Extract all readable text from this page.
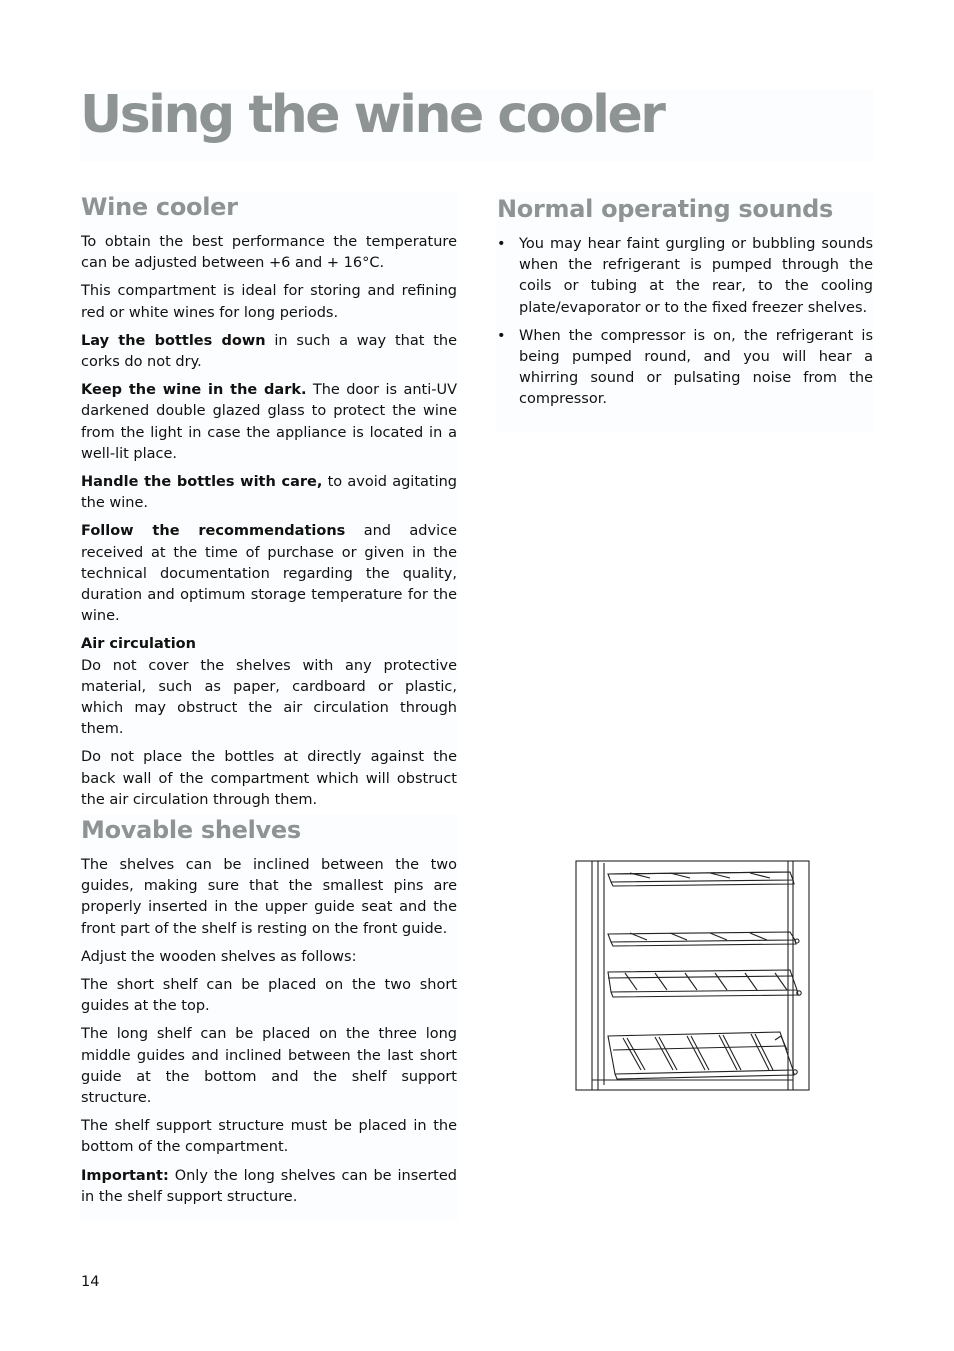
Using the wine cooler
Wine cooler

To obtain the best performance the temperature can be adjusted between +6 and + 16°C.

This compartment is ideal for storing and refining red or white wines for long periods.

Lay the bottles down in such a way that the corks do not dry.

Keep the wine in the dark. The door is anti-UV darkened double glazed glass to protect the wine from the light in case the appliance is located in a well-lit place.

Handle the bottles with care, to avoid agitating the wine.

Follow the recommendations and advice received at the time of purchase or given in the technical documentation regarding the quality, duration and optimum storage temperature for the wine.

Air circulation
Do not cover the shelves with any protective material, such as paper, cardboard or plastic, which may obstruct the air circulation through them.

Do not place the bottles at directly against the back wall of the compartment which will obstruct the air circulation through them.

Normal operating sounds
• You may hear faint gurgling or bubbling sounds when the refrigerant is pumped through the coils or tubing at the rear, to the cooling plate/evaporator or to the fixed freezer shelves.
• When the compressor is on, the refrigerant is being pumped round, and you will hear a whirring sound or pulsating noise from the compressor.
Movable shelves

The shelves can be inclined between the two guides, making sure that the smallest pins are properly inserted in the upper guide seat and the front part of the shelf is resting on the front guide.

Adjust the wooden shelves as follows:

The short shelf can be placed on the two short guides at the top.

The long shelf can be placed on the three long middle guides and inclined between the last short guide at the bottom and the shelf support structure.

The shelf support structure must be placed in the bottom of the compartment.

Important: Only the long shelves can be inserted in the shelf support structure.

14
